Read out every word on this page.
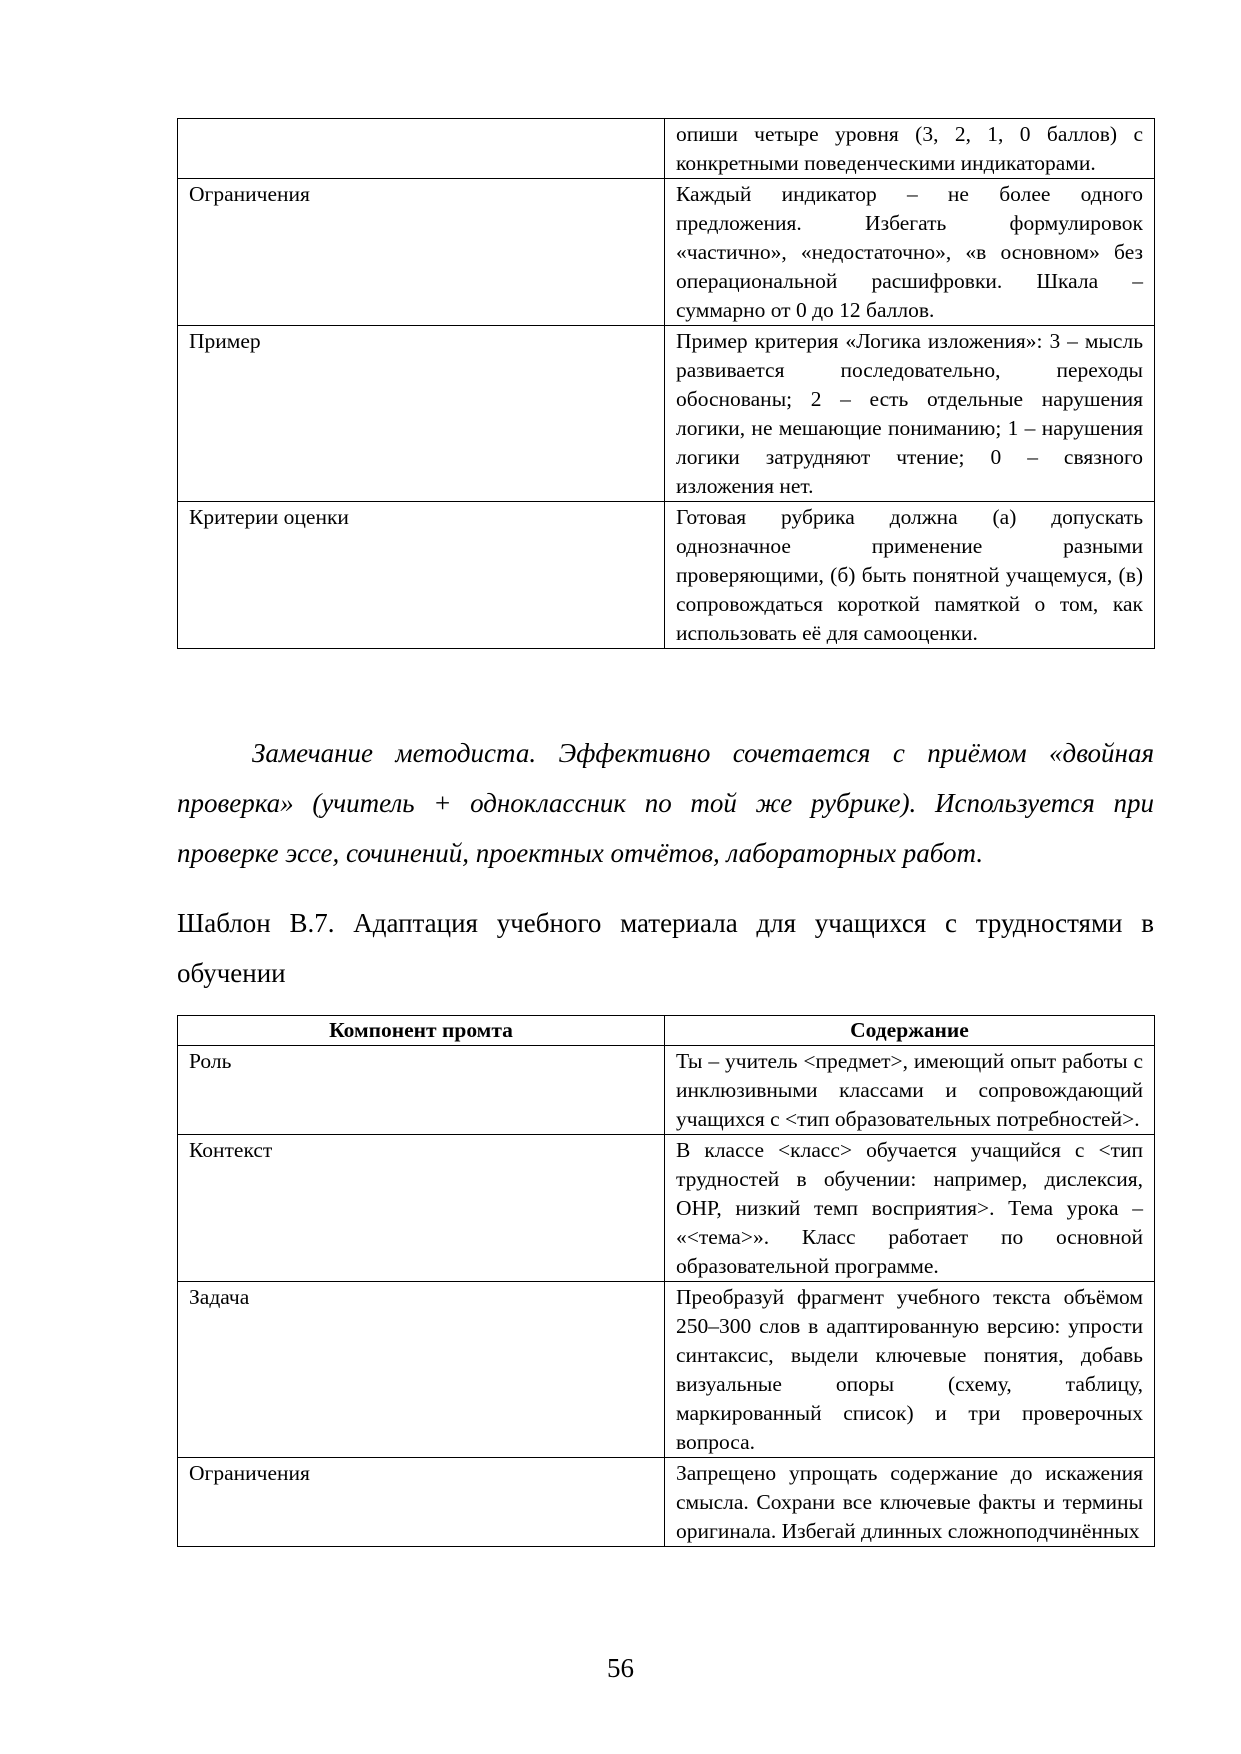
	опиши четыре уровня (3, 2, 1, 0 баллов) с конкретными поведенческими индикаторами.
Ограничения	Каждый индикатор – не более одного предложения. Избегать формулировок «частично», «недостаточно», «в основном» без операциональной расшифровки. Шкала – суммарно от 0 до 12 баллов.
Пример	Пример критерия «Логика изложения»: 3 – мысль развивается последовательно, переходы обоснованы; 2 – есть отдельные нарушения логики, не мешающие пониманию; 1 – нарушения логики затрудняют чтение; 0 – связного изложения нет.
Критерии оценки	Готовая рубрика должна (а) допускать однозначное применение разными проверяющими, (б) быть понятной учащемуся, (в) сопровождаться короткой памяткой о том, как использовать её для самооценки.

Замечание методиста. Эффективно сочетается с приёмом «двойная проверка» (учитель + одноклассник по той же рубрике). Используется при проверке эссе, сочинений, проектных отчётов, лабораторных работ.

Шаблон В.7. Адаптация учебного материала для учащихся с трудностями в обучении

Компонент промта	Содержание
Роль	Ты – учитель <предмет>, имеющий опыт работы с инклюзивными классами и сопровождающий учащихся с <тип образовательных потребностей>.
Контекст	В классе <класс> обучается учащийся с <тип трудностей в обучении: например, дислексия, ОНР, низкий темп восприятия>. Тема урока – «<тема>». Класс работает по основной образовательной программе.
Задача	Преобразуй фрагмент учебного текста объёмом 250–300 слов в адаптированную версию: упрости синтаксис, выдели ключевые понятия, добавь визуальные опоры (схему, таблицу, маркированный список) и три проверочных вопроса.
Ограничения	Запрещено упрощать содержание до искажения смысла. Сохрани все ключевые факты и термины оригинала. Избегай длинных сложноподчинённых
56
